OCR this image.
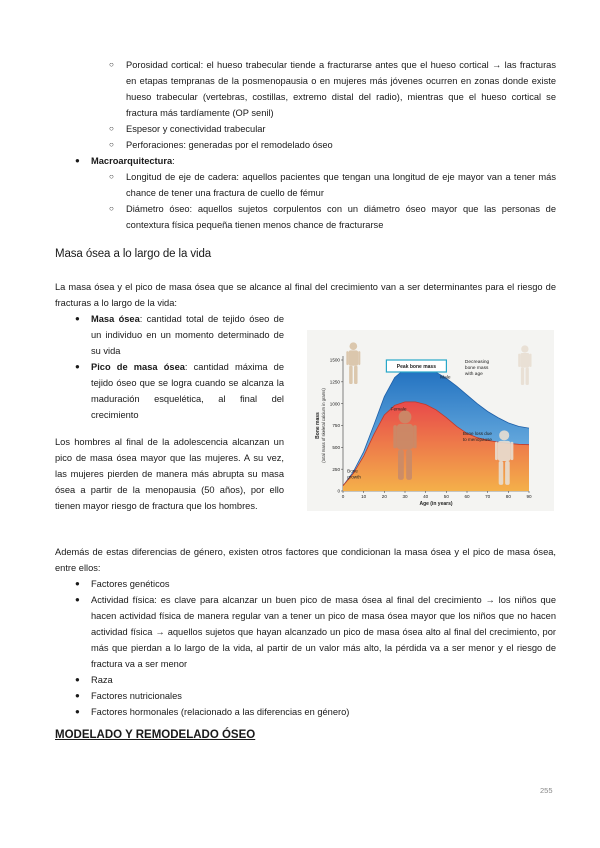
○ Porosidad cortical: el hueso trabecular tiende a fracturarse antes que el hueso cortical → las fracturas en etapas tempranas de la posmenopausia o en mujeres más jóvenes ocurren en zonas donde existe hueso trabecular (vertebras, costillas, extremo distal del radio), mientras que el hueso cortical se fractura más tardíamente (OP senil)
○ Espesor y conectividad trabecular
○ Perforaciones: generadas por el remodelado óseo
● Macroarquitectura:
○ Longitud de eje de cadera: aquellos pacientes que tengan una longitud de eje mayor van a tener más chance de tener una fractura de cuello de fémur
○ Diámetro óseo: aquellos sujetos corpulentos con un diámetro óseo mayor que las personas de contextura física pequeña tienen menos chance de fracturarse
Masa ósea a lo largo de la vida
La masa ósea y el pico de masa ósea que se alcance al final del crecimiento van a ser determinantes para el riesgo de fracturas a lo largo de la vida:
● Masa ósea: cantidad total de tejido óseo de un individuo en un momento determinado de su vida
● Pico de masa ósea: cantidad máxima de tejido óseo que se logra cuando se alcanza la maduración esquelética, al final del crecimiento
Los hombres al final de la adolescencia alcanzan un pico de masa ósea mayor que las mujeres. A su vez, las mujeres pierden de manera más abrupta su masa ósea a partir de la menopausia (50 años), por ello tienen mayor riesgo de fractura que los hombres.
0
250
500
750
1000
1250
1500
0	10	20	30	40	50	60	70	80	90
Age (in years)
Bone mass (total mass of skeletal calcium in grams)
Peak bone mass
Decreasing
bone mass
with age
Male
Female
Bone loss due
to menopause
Bone
growth
Además de estas diferencias de género, existen otros factores que condicionan la masa ósea y el pico de masa ósea, entre ellos:
● Factores genéticos
● Actividad física: es clave para alcanzar un buen pico de masa ósea al final del crecimiento → los niños que hacen actividad física de manera regular van a tener un pico de masa ósea mayor que los niños que no hacen actividad física → aquellos sujetos que hayan alcanzado un pico de masa ósea alto al final del crecimiento, por más que pierdan a lo largo de la vida, al partir de un valor más alto, la pérdida va a ser menor y el riesgo de fractura va a ser menor
● Raza
● Factores nutricionales
● Factores hormonales (relacionado a las diferencias en género)
MODELADO Y REMODELADO ÓSEO
255
